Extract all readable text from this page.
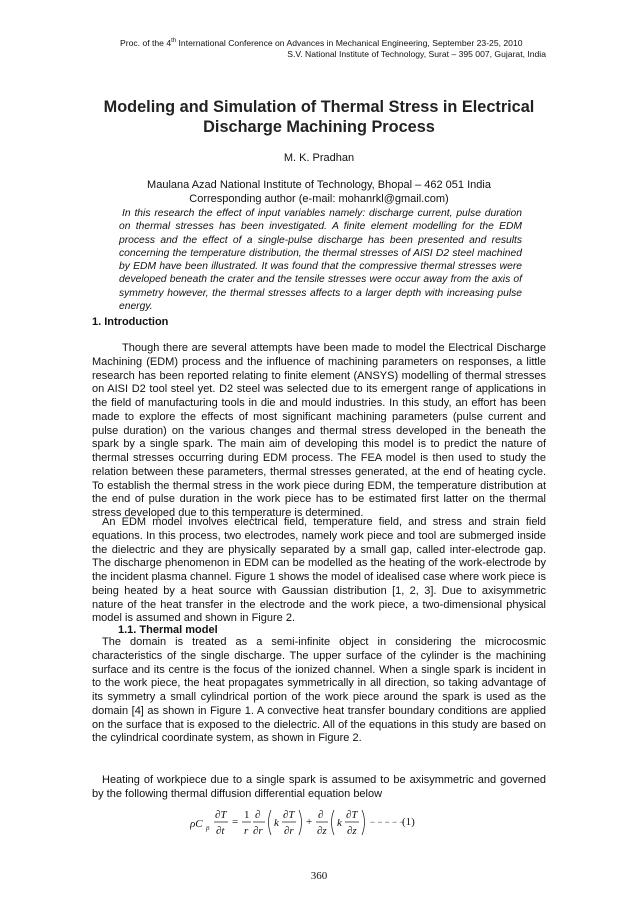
Proc. of the 4th International Conference on Advances in Mechanical Engineering, September 23-25, 2010
S.V. National Institute of Technology, Surat – 395 007, Gujarat, India
Modeling and Simulation of Thermal Stress in Electrical Discharge Machining Process
M. K. Pradhan
Maulana Azad National Institute of Technology, Bhopal – 462 051 India
Corresponding author (e-mail: mohanrkl@gmail.com)
In this research the effect of input variables namely: discharge current, pulse duration on thermal stresses has been investigated. A finite element modelling for the EDM process and the effect of a single-pulse discharge has been presented and results concerning the temperature distribution, the thermal stresses of AISI D2 steel machined by EDM have been illustrated. It was found that the compressive thermal stresses were developed beneath the crater and the tensile stresses were occur away from the axis of symmetry however, the thermal stresses affects to a larger depth with increasing pulse energy.
1. Introduction
Though there are several attempts have been made to model the Electrical Discharge Machining (EDM) process and the influence of machining parameters on responses, a little research has been reported relating to finite element (ANSYS) modelling of thermal stresses on AISI D2 tool steel yet. D2 steel was selected due to its emergent range of applications in the field of manufacturing tools in die and mould industries. In this study, an effort has been made to explore the effects of most significant machining parameters (pulse current and pulse duration) on the various changes and thermal stress developed in the beneath the spark by a single spark. The main aim of developing this model is to predict the nature of thermal stresses occurring during EDM process. The FEA model is then used to study the relation between these parameters, thermal stresses generated, at the end of heating cycle. To establish the thermal stress in the work piece during EDM, the temperature distribution at the end of pulse duration in the work piece has to be estimated first latter on the thermal stress developed due to this temperature is determined.
An EDM model involves electrical field, temperature field, and stress and strain field equations. In this process, two electrodes, namely work piece and tool are submerged inside the dielectric and they are physically separated by a small gap, called inter-electrode gap. The discharge phenomenon in EDM can be modelled as the heating of the work-electrode by the incident plasma channel. Figure 1 shows the model of idealised case where work piece is being heated by a heat source with Gaussian distribution [1, 2, 3]. Due to axisymmetric nature of the heat transfer in the electrode and the work piece, a two-dimensional physical model is assumed and shown in Figure 2.
1.1. Thermal model
The domain is treated as a semi-infinite object in considering the microcosmic characteristics of the single discharge. The upper surface of the cylinder is the machining surface and its centre is the focus of the ionized channel. When a single spark is incident in to the work piece, the heat propagates symmetrically in all direction, so taking advantage of its symmetry a small cylindrical portion of the work piece around the spark is used as the domain [4] as shown in Figure 1. A convective heat transfer boundary conditions are applied on the surface that is exposed to the dielectric. All of the equations in this study are based on the cylindrical coordinate system, as shown in Figure 2.
Heating of workpiece due to a single spark is assumed to be axisymmetric and governed by the following thermal diffusion differential equation below
ρC p
∂T
∂t
=
1
r
∂
∂r
k
∂T
∂r
+
∂
∂z
k
∂T
∂z
− − − − −
(1)
360
